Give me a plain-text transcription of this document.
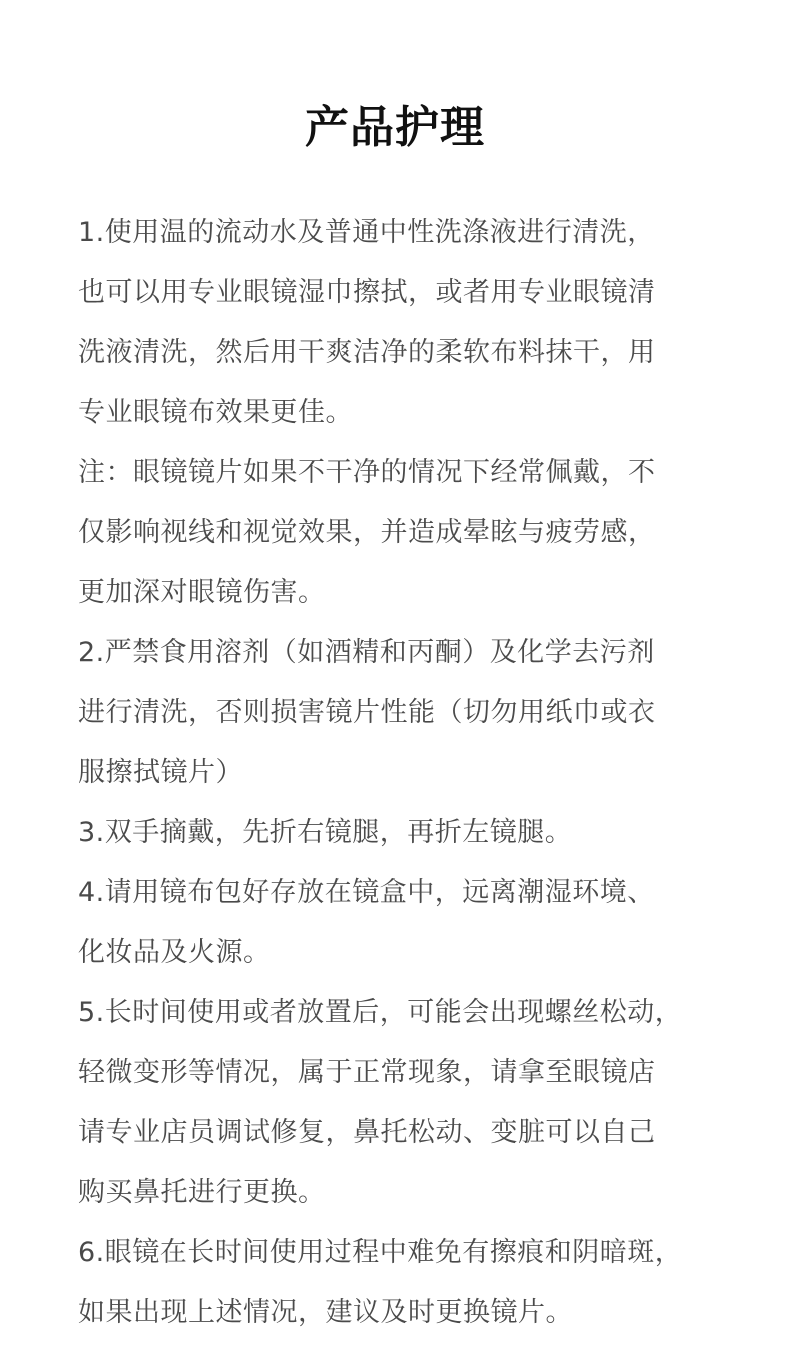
产品护理
1.使用温的流动水及普通中性洗涤液进行清洗，
也可以用专业眼镜湿巾擦拭，或者用专业眼镜清
洗液清洗，然后用干爽洁净的柔软布料抹干，用
专业眼镜布效果更佳。
注：眼镜镜片如果不干净的情况下经常佩戴，不
仅影响视线和视觉效果，并造成晕眩与疲劳感，
更加深对眼镜伤害。
2.严禁食用溶剂（如酒精和丙酮）及化学去污剂
进行清洗，否则损害镜片性能（切勿用纸巾或衣
服擦拭镜片）
3.双手摘戴，先折右镜腿，再折左镜腿。
4.请用镜布包好存放在镜盒中，远离潮湿环境、
化妆品及火源。
5.长时间使用或者放置后，可能会出现螺丝松动，
轻微变形等情况，属于正常现象，请拿至眼镜店
请专业店员调试修复，鼻托松动、变脏可以自己
购买鼻托进行更换。
6.眼镜在长时间使用过程中难免有擦痕和阴暗斑，
如果出现上述情况，建议及时更换镜片。
